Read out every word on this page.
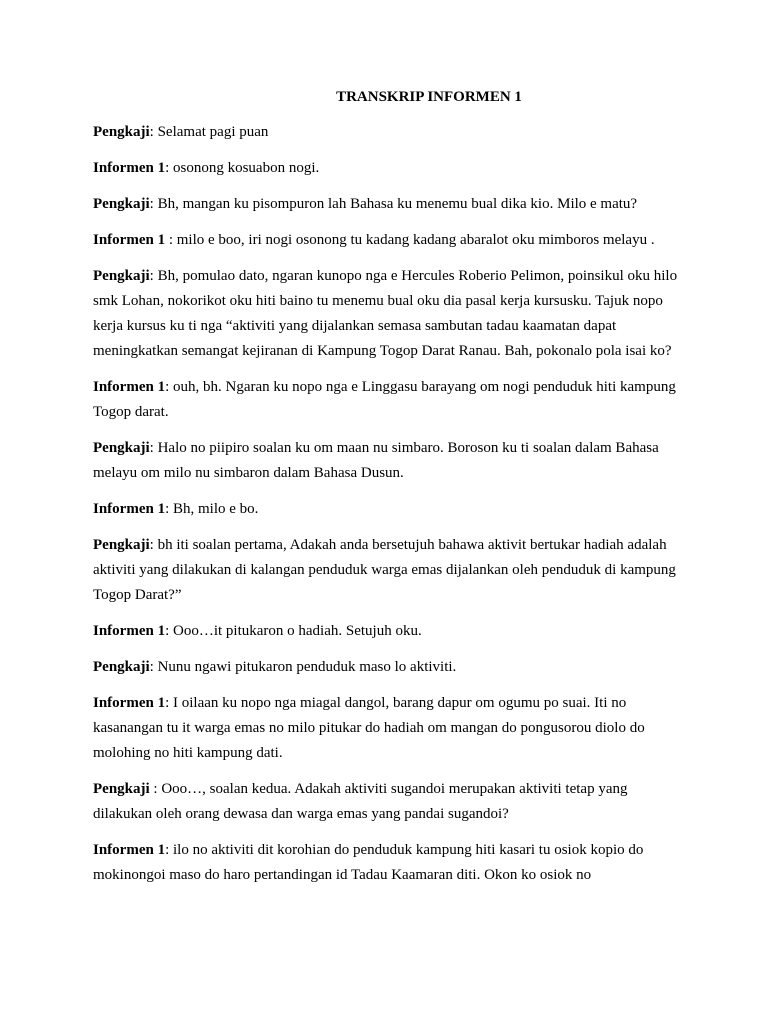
TRANSKRIP INFORMEN 1

Pengkaji: Selamat pagi puan

Informen 1: osonong kosuabon nogi.

Pengkaji: Bh, mangan ku pisompuron lah Bahasa ku menemu bual dika kio. Milo e matu?

Informen 1 : milo e boo, iri nogi osonong tu kadang kadang abaralot oku mimboros melayu .

Pengkaji: Bh, pomulao dato, ngaran kunopo nga e Hercules Roberio Pelimon, poinsikul oku hilo smk Lohan, nokorikot oku hiti baino tu menemu bual oku dia pasal kerja kursusku. Tajuk nopo kerja kursus ku ti nga “aktiviti yang dijalankan semasa sambutan tadau kaamatan dapat meningkatkan semangat kejiranan di Kampung Togop Darat Ranau. Bah, pokonalo pola isai ko?

Informen 1: ouh, bh. Ngaran ku nopo nga e Linggasu barayang om nogi penduduk hiti kampung Togop darat.

Pengkaji: Halo no piipiro soalan ku om maan nu simbaro. Boroson ku ti soalan dalam Bahasa melayu om milo nu simbaron dalam Bahasa Dusun.

Informen 1: Bh, milo e bo.

Pengkaji: bh iti soalan pertama, Adakah anda bersetujuh bahawa aktivit bertukar hadiah adalah aktiviti yang dilakukan di kalangan penduduk warga emas dijalankan oleh penduduk di kampung Togop Darat?”

Informen 1: Ooo…it pitukaron o hadiah. Setujuh oku.

Pengkaji: Nunu ngawi pitukaron penduduk maso lo aktiviti.

Informen 1: I oilaan ku nopo nga miagal dangol, barang dapur om ogumu po suai. Iti no kasanangan tu it warga emas no milo pitukar do hadiah om mangan do pongusorou diolo do molohing no hiti kampung dati.

Pengkaji : Ooo…, soalan kedua. Adakah aktiviti sugandoi merupakan aktiviti tetap yang dilakukan oleh orang dewasa dan warga emas yang pandai sugandoi?

Informen 1: ilo no aktiviti dit korohian do penduduk kampung hiti kasari tu osiok kopio do mokinongoi maso do haro pertandingan id Tadau Kaamaran diti. Okon ko osiok no
